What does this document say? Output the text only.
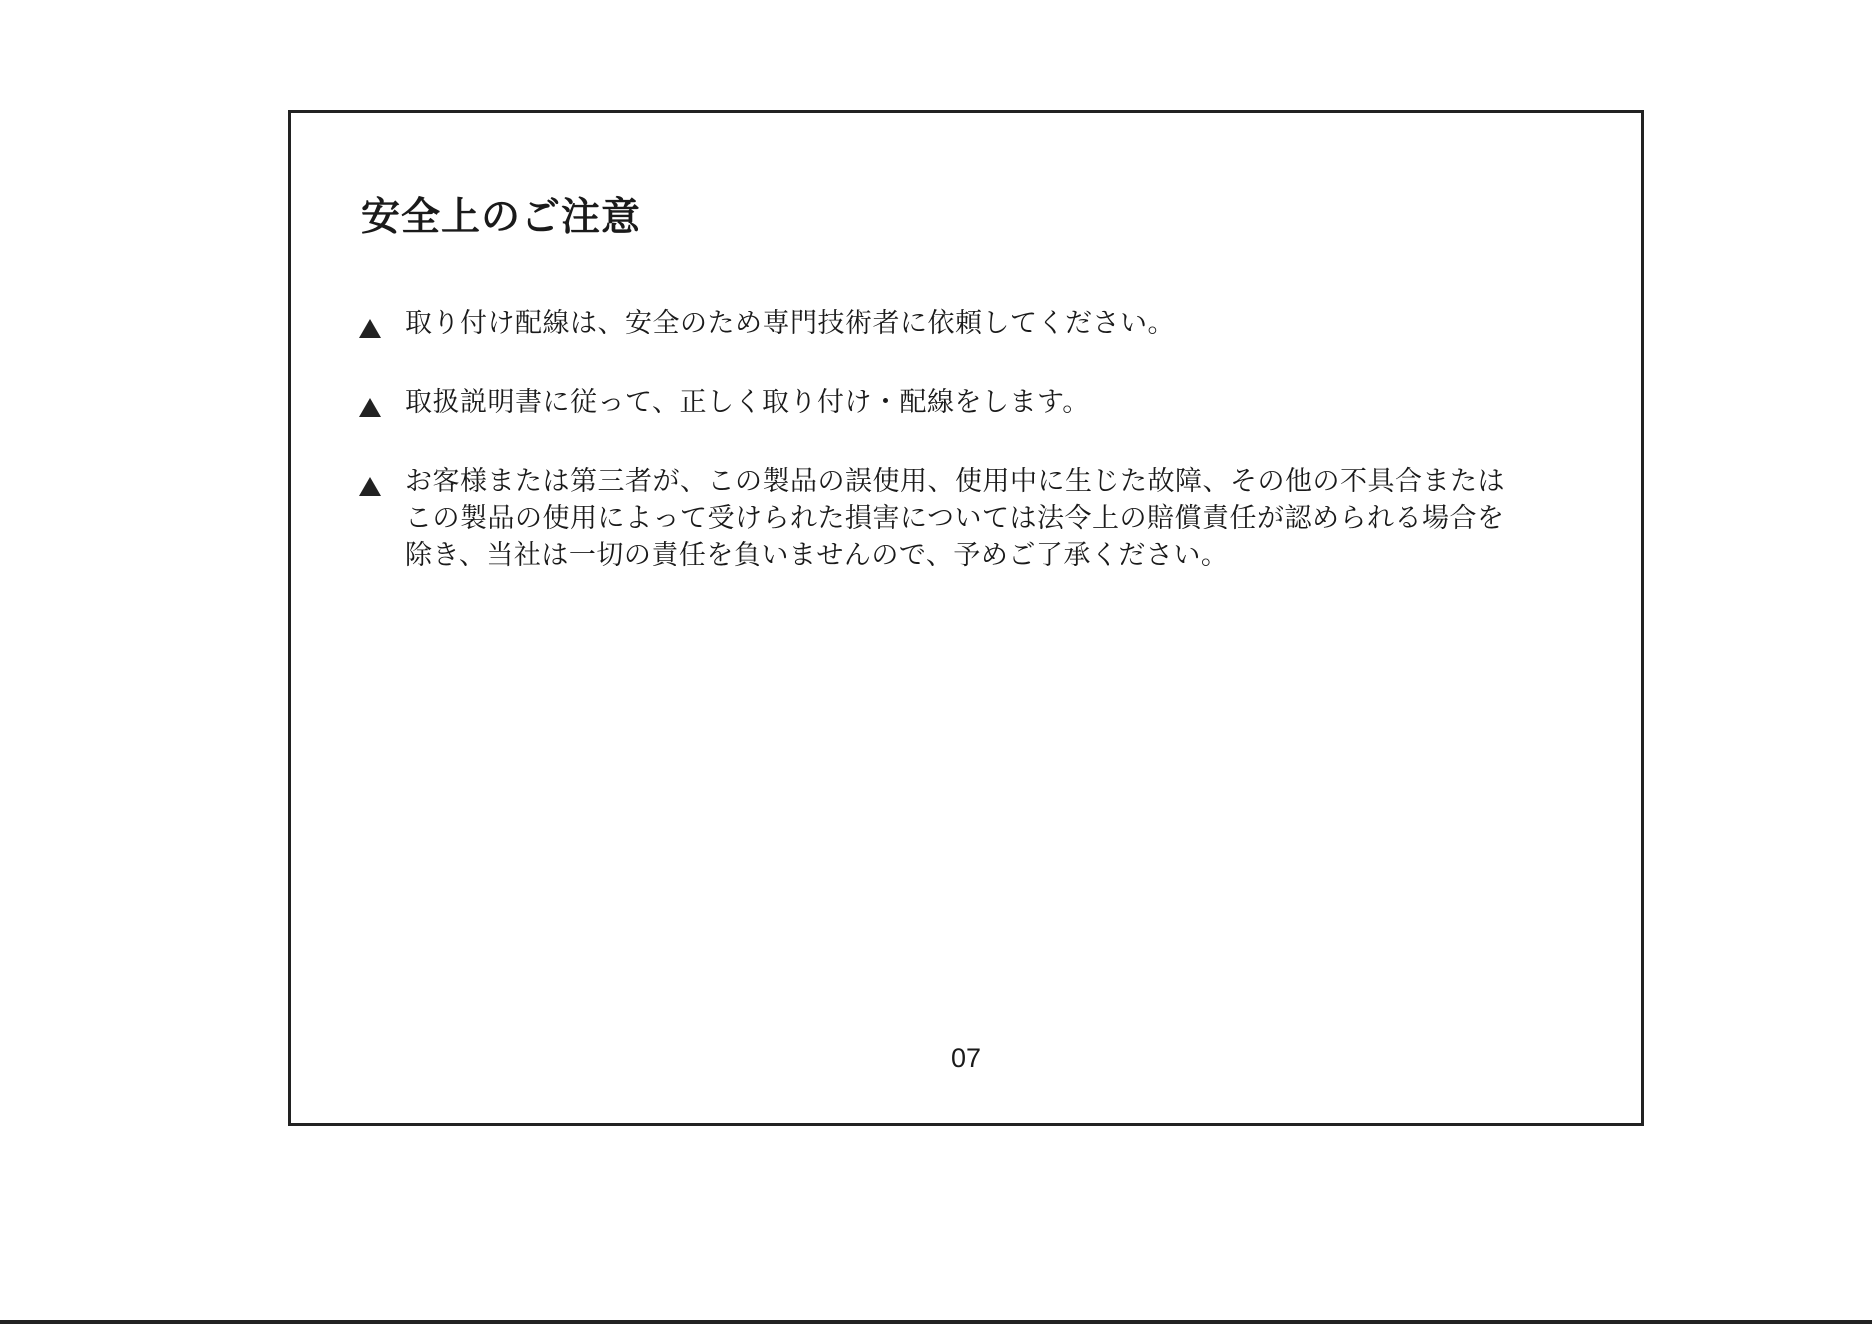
安全上のご注意
取り付け配線は、安全のため専門技術者に依頼してください。
取扱説明書に従って、正しく取り付け・配線をします。
お客様または第三者が、この製品の誤使用、使用中に生じた故障、その他の不具合またはこの製品の使用によって受けられた損害については法令上の賠償責任が認められる場合を除き、当社は一切の責任を負いませんので、予めご了承ください。
07
